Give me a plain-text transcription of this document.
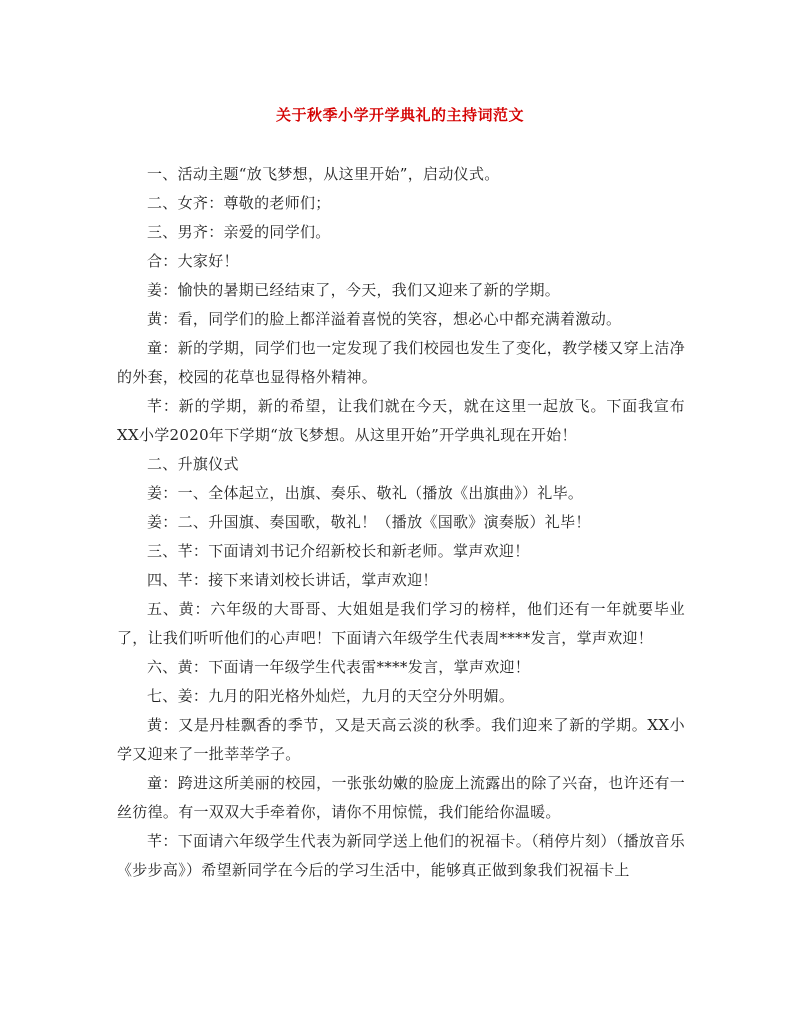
关于秋季小学开学典礼的主持词范文

一、活动主题“放飞梦想，从这里开始”，启动仪式。

二、女齐：尊敬的老师们；

三、男齐：亲爱的同学们。

合：大家好！

姜：愉快的暑期已经结束了，今天，我们又迎来了新的学期。

黄：看，同学们的脸上都洋溢着喜悦的笑容，想必心中都充满着激动。

童：新的学期，同学们也一定发现了我们校园也发生了变化，教学楼又穿上洁净的外套，校园的花草也显得格外精神。

芊：新的学期，新的希望，让我们就在今天，就在这里一起放飞。下面我宣布XX小学2020年下学期“放飞梦想。从这里开始”开学典礼现在开始！

二、升旗仪式

姜：一、全体起立，出旗、奏乐、敬礼（播放《出旗曲》）礼毕。

姜：二、升国旗、奏国歌，敬礼！（播放《国歌》演奏版）礼毕！

三、芊：下面请刘书记介绍新校长和新老师。掌声欢迎！

四、芊：接下来请刘校长讲话，掌声欢迎！

五、黄：六年级的大哥哥、大姐姐是我们学习的榜样，他们还有一年就要毕业了，让我们听听他们的心声吧！下面请六年级学生代表周****发言，掌声欢迎！

六、黄：下面请一年级学生代表雷****发言，掌声欢迎！

七、姜：九月的阳光格外灿烂，九月的天空分外明媚。

黄：又是丹桂飘香的季节，又是天高云淡的秋季。我们迎来了新的学期。XX小学又迎来了一批莘莘学子。

童：跨进这所美丽的校园，一张张幼嫩的脸庞上流露出的除了兴奋，也许还有一丝彷徨。有一双双大手牵着你，请你不用惊慌，我们能给你温暖。

芊：下面请六年级学生代表为新同学送上他们的祝福卡。（稍停片刻）（播放音乐《步步高》）希望新同学在今后的学习生活中，能够真正做到象我们祝福卡上
